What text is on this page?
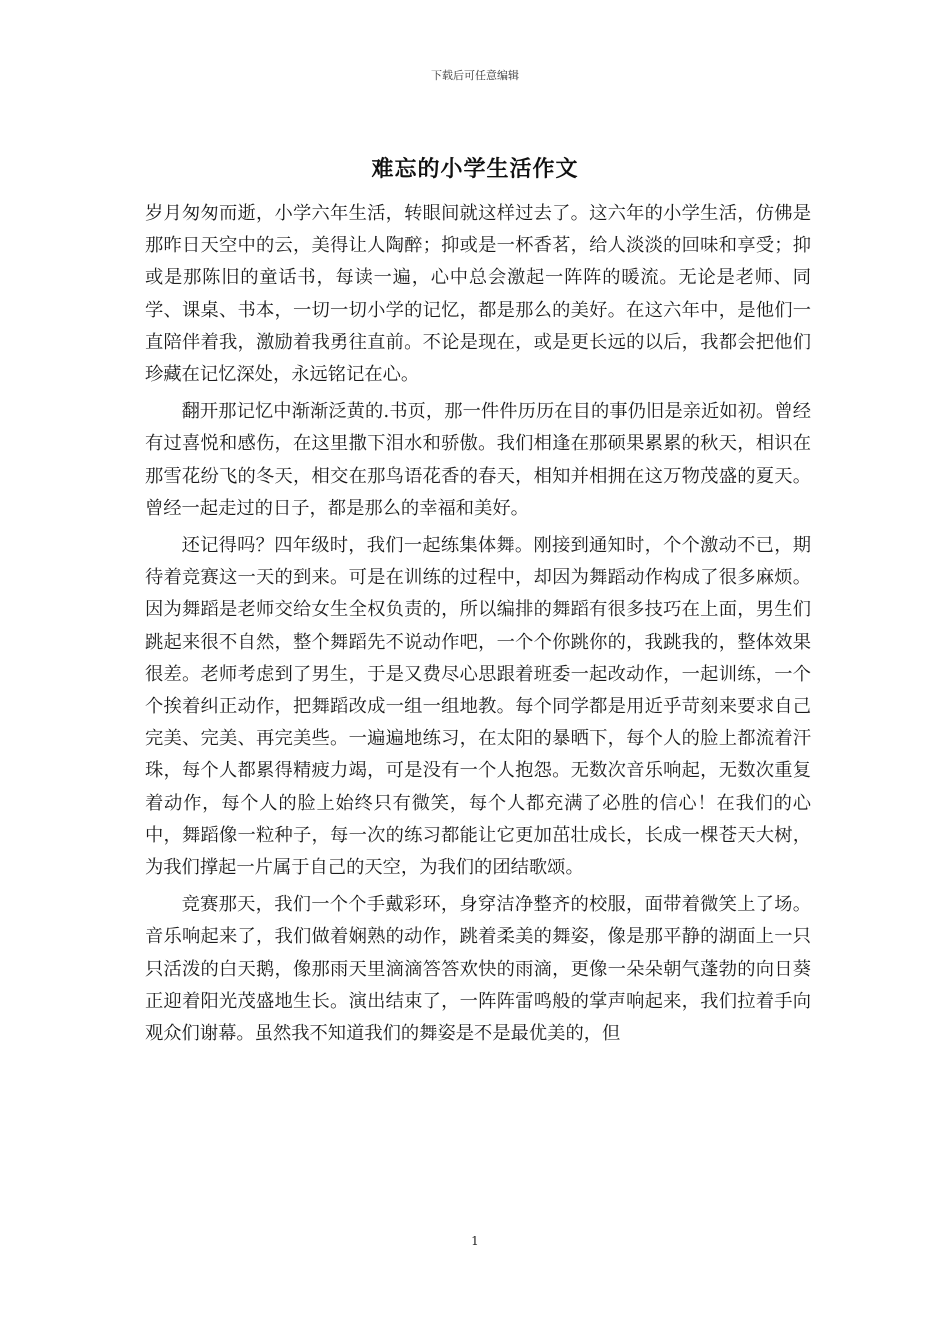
下载后可任意编辑
难忘的小学生活作文

岁月匆匆而逝，小学六年生活，转眼间就这样过去了。这六年的小学生活，仿佛是那昨日天空中的云，美得让人陶醉；抑或是一杯香茗，给人淡淡的回味和享受；抑或是那陈旧的童话书，每读一遍，心中总会激起一阵阵的暖流。无论是老师、同学、课桌、书本，一切一切小学的记忆，都是那么的美好。在这六年中，是他们一直陪伴着我，激励着我勇往直前。不论是现在，或是更长远的以后，我都会把他们珍藏在记忆深处，永远铭记在心。

翻开那记忆中渐渐泛黄的.书页，那一件件历历在目的事仍旧是亲近如初。曾经有过喜悦和感伤，在这里撒下泪水和骄傲。我们相逢在那硕果累累的秋天，相识在那雪花纷飞的冬天，相交在那鸟语花香的春天，相知并相拥在这万物茂盛的夏天。曾经一起走过的日子，都是那么的幸福和美好。

还记得吗？四年级时，我们一起练集体舞。刚接到通知时，个个激动不已，期待着竞赛这一天的到来。可是在训练的过程中，却因为舞蹈动作构成了很多麻烦。因为舞蹈是老师交给女生全权负责的，所以编排的舞蹈有很多技巧在上面，男生们跳起来很不自然，整个舞蹈先不说动作吧，一个个你跳你的，我跳我的，整体效果很差。老师考虑到了男生，于是又费尽心思跟着班委一起改动作，一起训练，一个个挨着纠正动作，把舞蹈改成一组一组地教。每个同学都是用近乎苛刻来要求自己完美、完美、再完美些。一遍遍地练习，在太阳的暴晒下，每个人的脸上都流着汗珠，每个人都累得精疲力竭，可是没有一个人抱怨。无数次音乐响起，无数次重复着动作，每个人的脸上始终只有微笑，每个人都充满了必胜的信心！在我们的心中，舞蹈像一粒种子，每一次的练习都能让它更加茁壮成长，长成一棵苍天大树，为我们撑起一片属于自己的天空，为我们的团结歌颂。

竞赛那天，我们一个个手戴彩环，身穿洁净整齐的校服，面带着微笑上了场。音乐响起来了，我们做着娴熟的动作，跳着柔美的舞姿，像是那平静的湖面上一只只活泼的白天鹅，像那雨天里滴滴答答欢快的雨滴，更像一朵朵朝气蓬勃的向日葵正迎着阳光茂盛地生长。演出结束了，一阵阵雷鸣般的掌声响起来，我们拉着手向观众们谢幕。虽然我不知道我们的舞姿是不是最优美的，但

1
